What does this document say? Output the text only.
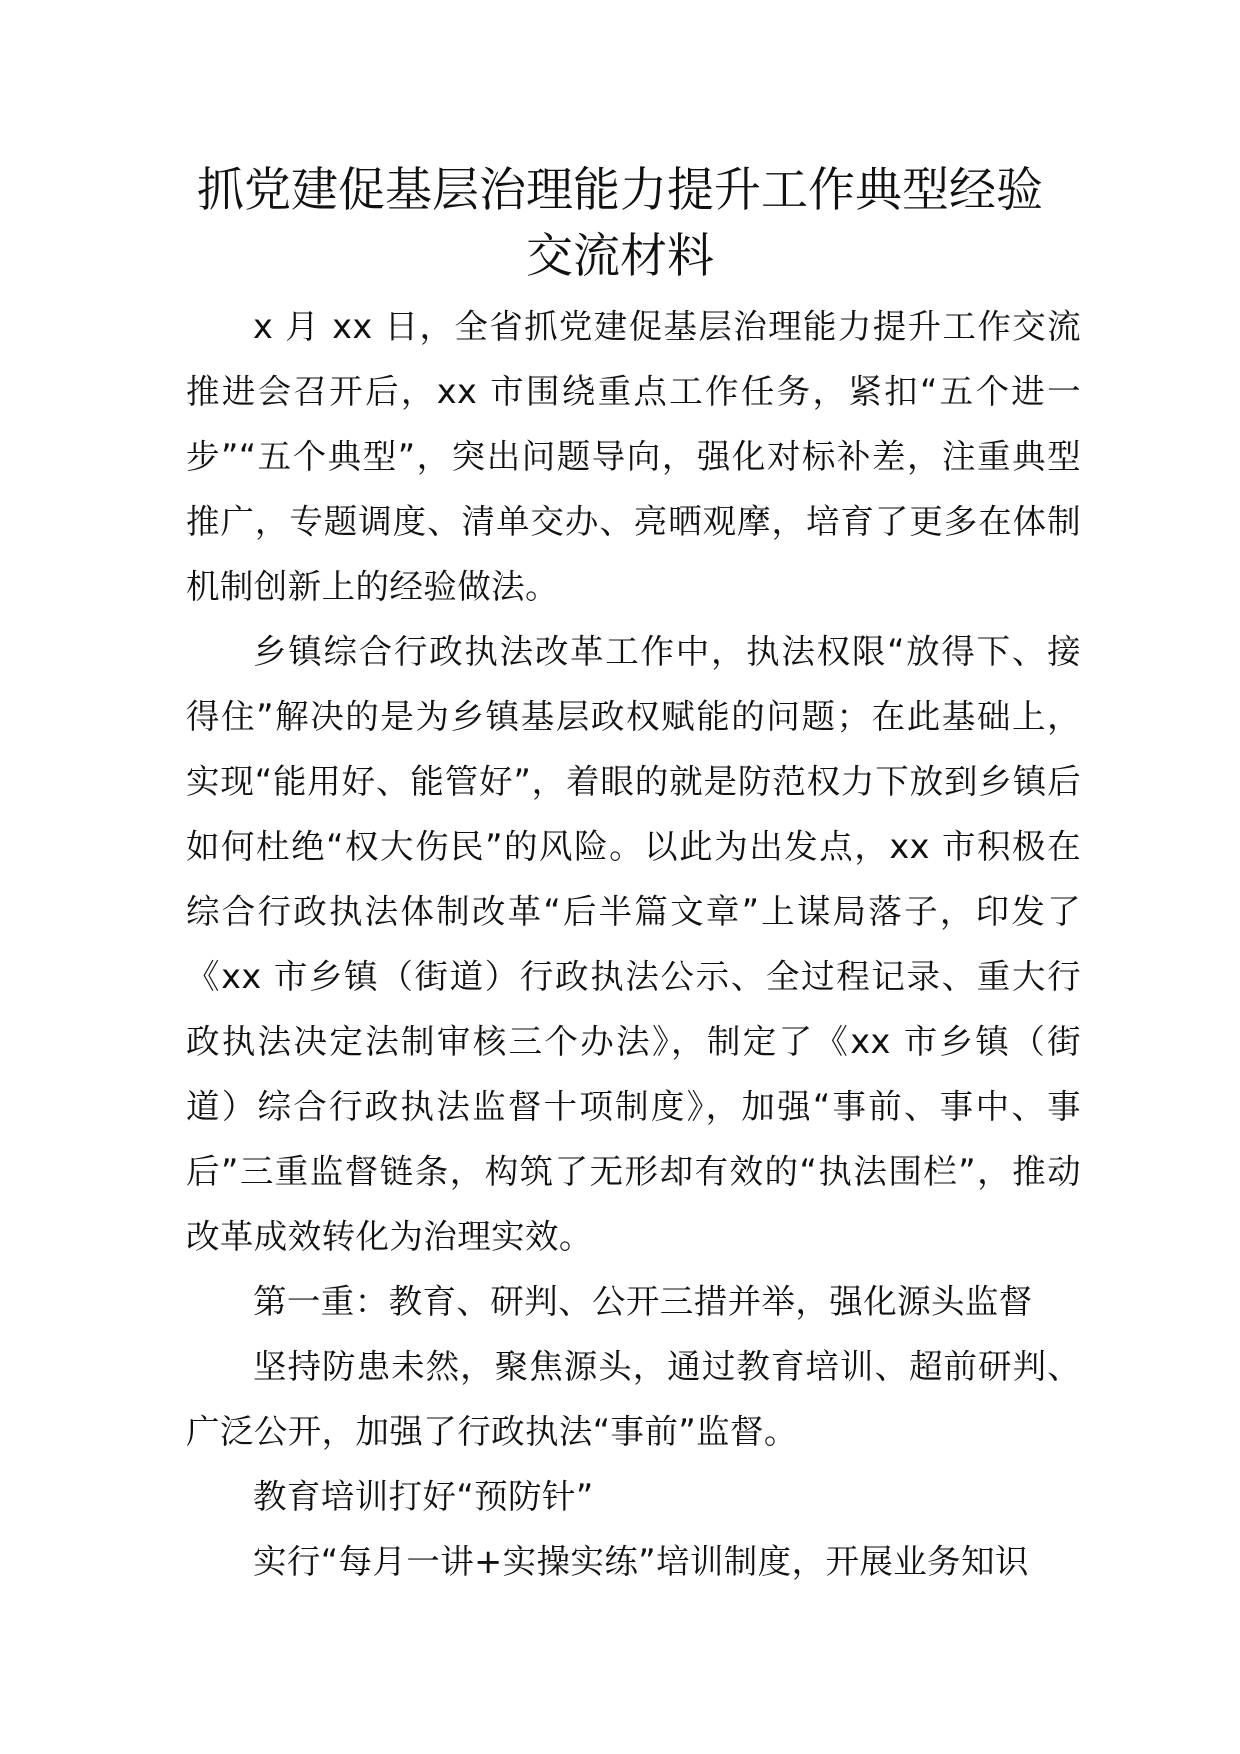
抓党建促基层治理能力提升工作典型经验
交流材料

x 月 xx 日，全省抓党建促基层治理能力提升工作交流推进会召开后，xx 市围绕重点工作任务，紧扣“五个进一步”“五个典型”，突出问题导向，强化对标补差，注重典型推广，专题调度、清单交办、亮晒观摩，培育了更多在体制机制创新上的经验做法。

乡镇综合行政执法改革工作中，执法权限“放得下、接得住”解决的是为乡镇基层政权赋能的问题；在此基础上，实现“能用好、能管好”，着眼的就是防范权力下放到乡镇后如何杜绝“权大伤民”的风险。以此为出发点，xx 市积极在综合行政执法体制改革“后半篇文章”上谋局落子，印发了《xx 市乡镇（街道）行政执法公示、全过程记录、重大行政执法决定法制审核三个办法》，制定了《xx 市乡镇（街道）综合行政执法监督十项制度》，加强“事前、事中、事后”三重监督链条，构筑了无形却有效的“执法围栏”，推动改革成效转化为治理实效。

第一重：教育、研判、公开三措并举，强化源头监督

坚持防患未然，聚焦源头，通过教育培训、超前研判、广泛公开，加强了行政执法“事前”监督。

教育培训打好“预防针”

实行“每月一讲+实操实练”培训制度，开展业务知识
